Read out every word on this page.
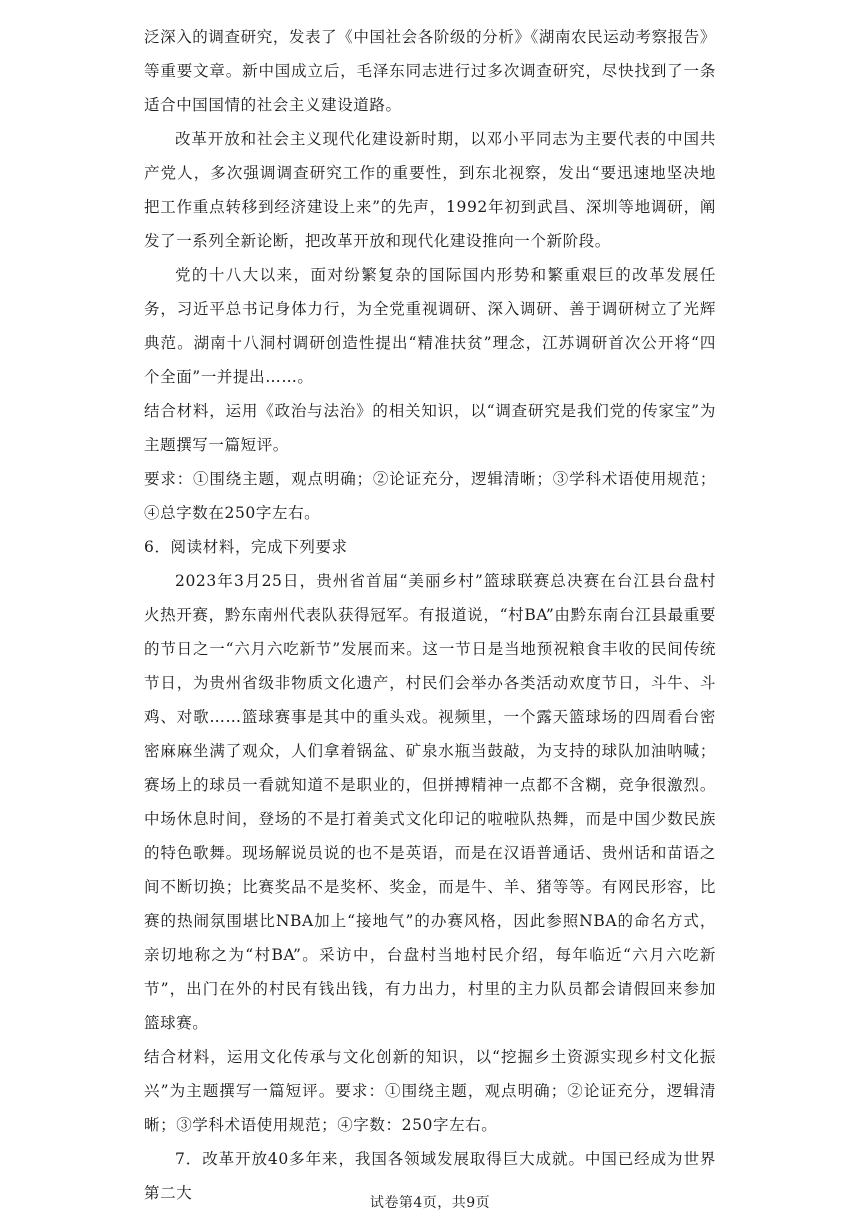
泛深入的调查研究，发表了《中国社会各阶级的分析》《湖南农民运动考察报告》等重要文章。新中国成立后，毛泽东同志进行过多次调查研究，尽快找到了一条适合中国国情的社会主义建设道路。

改革开放和社会主义现代化建设新时期，以邓小平同志为主要代表的中国共产党人，多次强调调查研究工作的重要性，到东北视察，发出“要迅速地坚决地把工作重点转移到经济建设上来”的先声，1992年初到武昌、深圳等地调研，阐发了一系列全新论断，把改革开放和现代化建设推向一个新阶段。

党的十八大以来，面对纷繁复杂的国际国内形势和繁重艰巨的改革发展任务，习近平总书记身体力行，为全党重视调研、深入调研、善于调研树立了光辉典范。湖南十八洞村调研创造性提出“精准扶贫”理念，江苏调研首次公开将“四个全面”一并提出……。

结合材料，运用《政治与法治》的相关知识，以“调查研究是我们党的传家宝”为主题撰写一篇短评。

要求：①围绕主题，观点明确；②论证充分，逻辑清晰；③学科术语使用规范；④总字数在250字左右。

6．阅读材料，完成下列要求

2023年3月25日，贵州省首届“美丽乡村”篮球联赛总决赛在台江县台盘村火热开赛，黔东南州代表队获得冠军。有报道说，“村BA”由黔东南台江县最重要的节日之一“六月六吃新节”发展而来。这一节日是当地预祝粮食丰收的民间传统节日，为贵州省级非物质文化遗产，村民们会举办各类活动欢度节日，斗牛、斗鸡、对歌……篮球赛事是其中的重头戏。视频里，一个露天篮球场的四周看台密密麻麻坐满了观众，人们拿着锅盆、矿泉水瓶当鼓敲，为支持的球队加油呐喊；赛场上的球员一看就知道不是职业的，但拼搏精神一点都不含糊，竞争很激烈。中场休息时间，登场的不是打着美式文化印记的啦啦队热舞，而是中国少数民族的特色歌舞。现场解说员说的也不是英语，而是在汉语普通话、贵州话和苗语之间不断切换；比赛奖品不是奖杯、奖金，而是牛、羊、猪等等。有网民形容，比赛的热闹氛围堪比NBA加上“接地气”的办赛风格，因此参照NBA的命名方式，亲切地称之为“村BA”。采访中，台盘村当地村民介绍，每年临近“六月六吃新节”，出门在外的村民有钱出钱，有力出力，村里的主力队员都会请假回来参加篮球赛。

结合材料，运用文化传承与文化创新的知识，以“挖掘乡土资源实现乡村文化振兴”为主题撰写一篇短评。要求：①围绕主题，观点明确；②论证充分，逻辑清晰；③学科术语使用规范；④字数：250字左右。

7．改革开放40多年来，我国各领域发展取得巨大成就。中国已经成为世界第二大

试卷第4页，共9页
